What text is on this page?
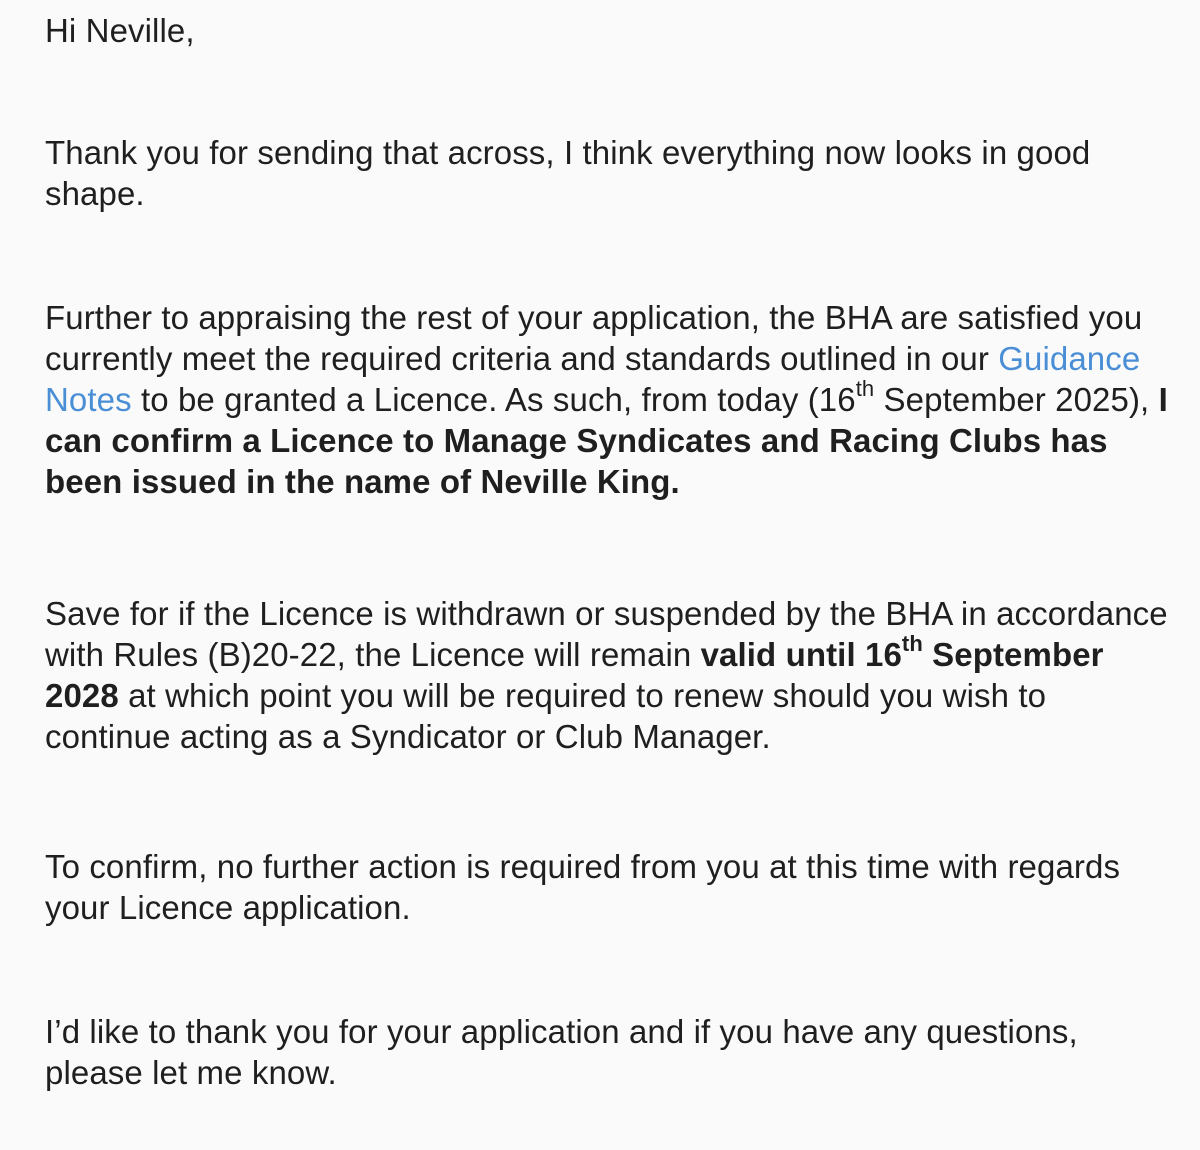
Hi Neville,

Thank you for sending that across, I think everything now looks in good shape.

Further to appraising the rest of your application, the BHA are satisfied you currently meet the required criteria and standards outlined in our Guidance Notes to be granted a Licence. As such, from today (16th September 2025), I can confirm a Licence to Manage Syndicates and Racing Clubs has been issued in the name of Neville King.

Save for if the Licence is withdrawn or suspended by the BHA in accordance with Rules (B)20-22, the Licence will remain valid until 16th September 2028 at which point you will be required to renew should you wish to continue acting as a Syndicator or Club Manager.

To confirm, no further action is required from you at this time with regards your Licence application.

I’d like to thank you for your application and if you have any questions, please let me know.
